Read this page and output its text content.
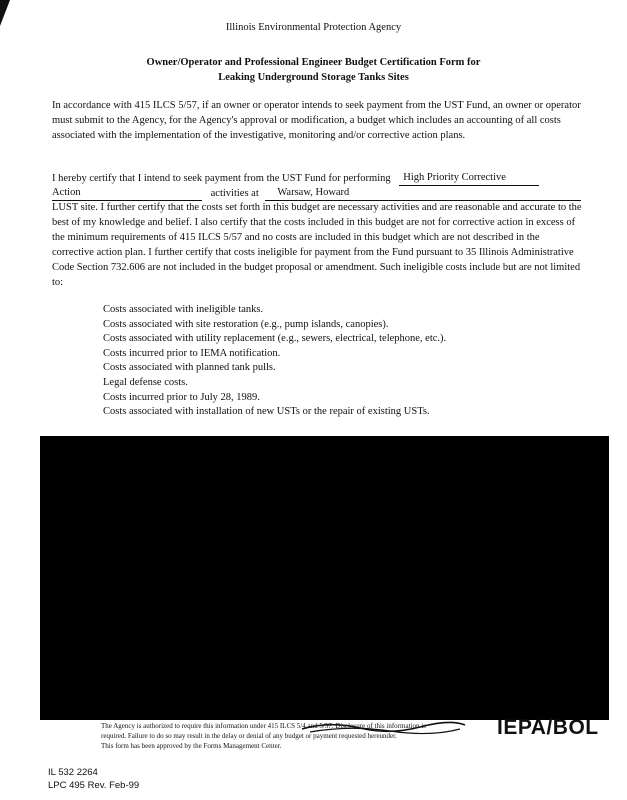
Illinois Environmental Protection Agency
Owner/Operator and Professional Engineer Budget Certification Form for
Leaking Underground Storage Tanks Sites

In accordance with 415 ILCS 5/57, if an owner or operator intends to seek payment from the UST Fund, an owner or operator must submit to the Agency, for the Agency's approval or modification, a budget which includes an accounting of all costs associated with the implementation of the investigative, monitoring and/or corrective action plans.

I hereby certify that I intend to seek payment from the UST Fund for performing High Priority Corrective
Action	activities at Warsaw, Howard

LUST site. I further certify that the costs set forth in this budget are necessary activities and are reasonable and accurate to the best of my knowledge and belief. I also certify that the costs included in this budget are not for corrective action in excess of the minimum requirements of 415 ILCS 5/57 and no costs are included in this budget which are not described in the corrective action plan. I further certify that costs ineligible for payment from the Fund pursuant to 35 Illinois Administrative Code Section 732.606 are not included in the budget proposal or amendment. Such ineligible costs include but are not limited to:

Costs associated with ineligible tanks.
Costs associated with site restoration (e.g., pump islands, canopies).
Costs associated with utility replacement (e.g., sewers, electrical, telephone, etc.).
Costs incurred prior to IEMA notification.
Costs associated with planned tank pulls.
Legal defense costs.
Costs incurred prior to July 28, 1989.
Costs associated with installation of new USTs or the repair of existing USTs.
The Agency is authorized to require this information under 415 ILCS 5/4 and 5/57. Disclosure of this information is
required. Failure to do so may result in the delay or denial of any budget or payment requested hereunder.
This form has been approved by the Forms Management Center.
IEPA/BOL
IL 532 2264
LPC 495 Rev. Feb-99
